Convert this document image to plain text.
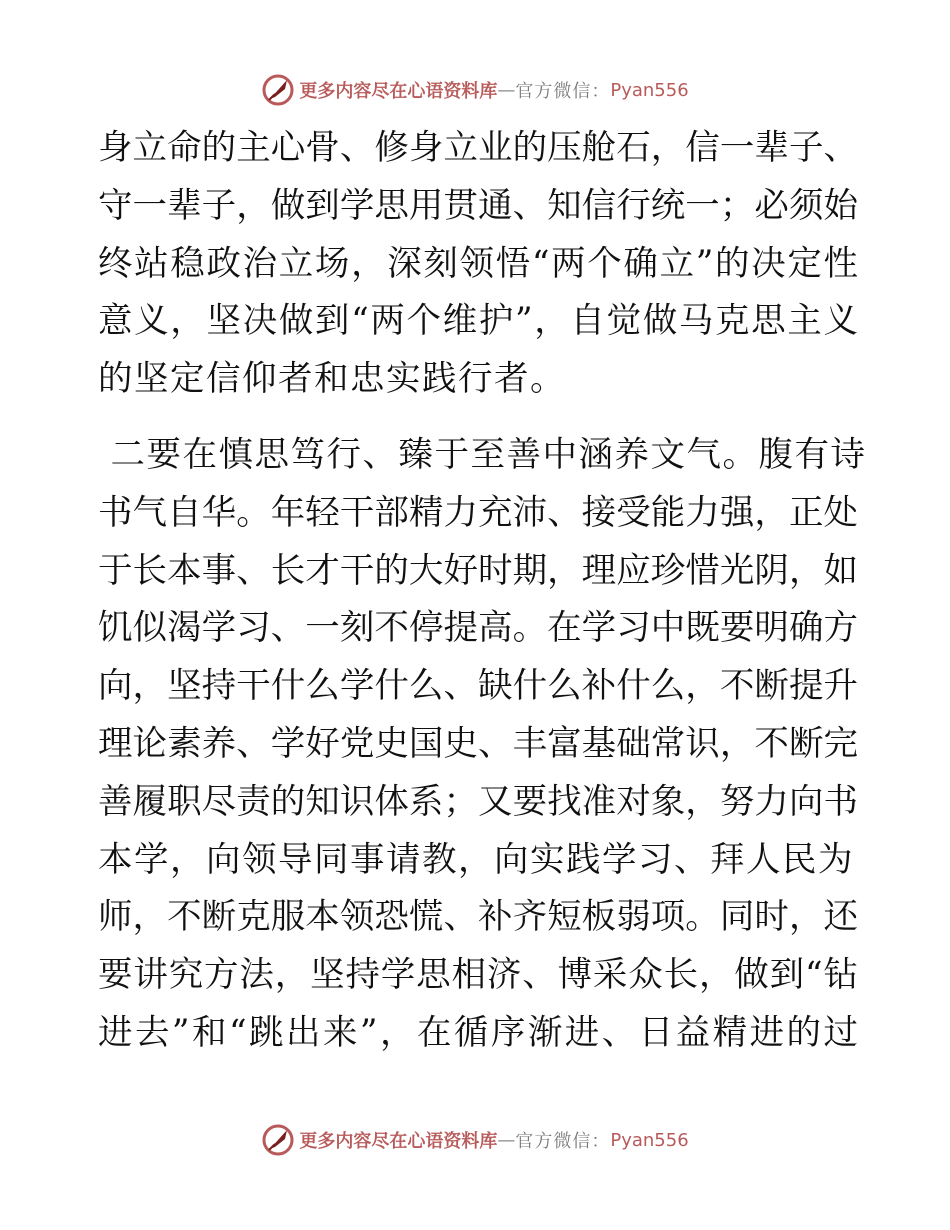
更多内容尽在心语资料库 — 官方微信： Pyan556
身立命的主心骨、修身立业的压舱石，信一辈子、
守一辈子，做到学思用贯通、知信行统一；必须始
终站稳政治立场，深刻领悟“两个确立”的决定性
意义，坚决做到“两个维护”，自觉做马克思主义
的坚定信仰者和忠实践行者。
二要在慎思笃行、臻于至善中涵养文气。腹有诗
书气自华。年轻干部精力充沛、接受能力强，正处
于长本事、长才干的大好时期，理应珍惜光阴，如
饥似渴学习、一刻不停提高。在学习中既要明确方
向，坚持干什么学什么、缺什么补什么，不断提升
理论素养、学好党史国史、丰富基础常识，不断完
善履职尽责的知识体系；又要找准对象，努力向书
本学，向领导同事请教，向实践学习、拜人民为
师，不断克服本领恐慌、补齐短板弱项。同时，还
要讲究方法，坚持学思相济、博采众长，做到“钻
进去”和“跳出来”，在循序渐进、日益精进的过
更多内容尽在心语资料库 — 官方微信： Pyan556
